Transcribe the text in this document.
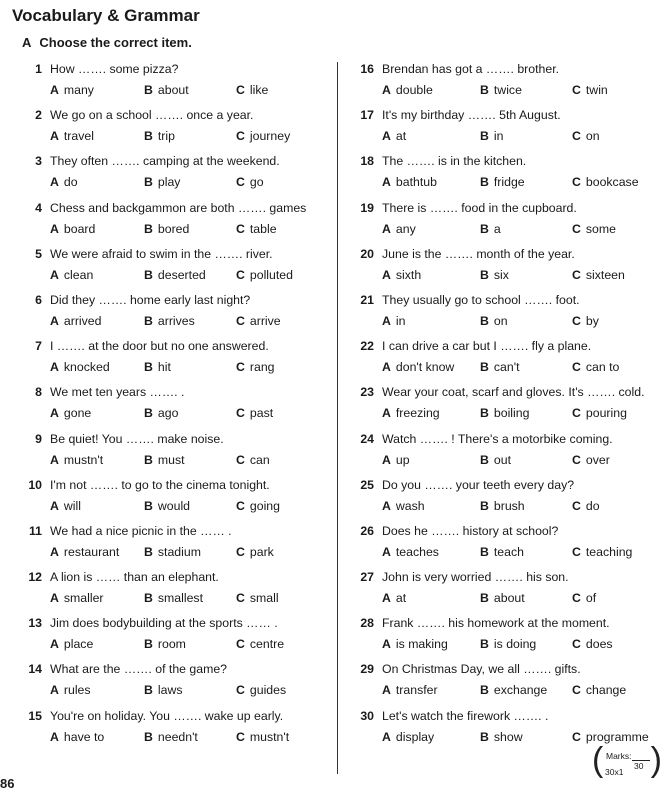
Vocabulary & Grammar
A Choose the correct item.
1 How ……. some pizza?
A many	B about	C like
2 We go on a school ……. once a year.
A travel	B trip	C journey
3 They often ……. camping at the weekend.
A do	B play	C go
4 Chess and backgammon are both ……. games
A board	B bored	C table
5 We were afraid to swim in the ……. river.
A clean	B deserted C polluted
6 Did they ……. home early last night?
A arrived	B arrives	C arrive
7 I ……. at the door but no one answered.
A knocked	B hit	C rang
8 We met ten years ……. .
A gone	B ago	C past
9 Be quiet! You ……. make noise.
A mustn't	B must	C can
10 I'm not ……. to go to the cinema tonight.
A will	B would	C going
11 We had a nice picnic in the …… .
A restaurant B stadium	C park
12 A lion is …… than an elephant.
A smaller	B smallest	C small
13 Jim does bodybuilding at the sports …… .
A place	B room	C centre
14 What are the ……. of the game?
A rules	B laws	C guides
15 You're on holiday. You ……. wake up early.
A have to	B needn't	C mustn't
16 Brendan has got a ……. brother.
A double	B twice	C twin
17 It's my birthday ……. 5th August.
A at	B in	C on
18 The ……. is in the kitchen.
A bathtub	B fridge	C bookcase
19 There is ……. food in the cupboard.
A any	B a	C some
20 June is the ……. month of the year.
A sixth	B six	C sixteen
21 They usually go to school ……. foot.
A in	B on	C by
22 I can drive a car but I ……. fly a plane.
A don't know B can't	C can to
23 Wear your coat, scarf and gloves. It's ……. cold.
A freezing	B boiling	C pouring
24 Watch ……. ! There's a motorbike coming.
A up	B out	C over
25 Do you ……. your teeth every day?
A wash	B brush	C do
26 Does he ……. history at school?
A teaches	B teach	C teaching
27 John is very worried ……. his son.
A at	B about	C of
28 Frank ……. his homework at the moment.
A is making	B is doing	C does
29 On Christmas Day, we all ……. gifts.
A transfer	B exchange C change
30 Let's watch the firework ……. .
A display	B show	C programme
( Marks:
30
30x1 )
86
